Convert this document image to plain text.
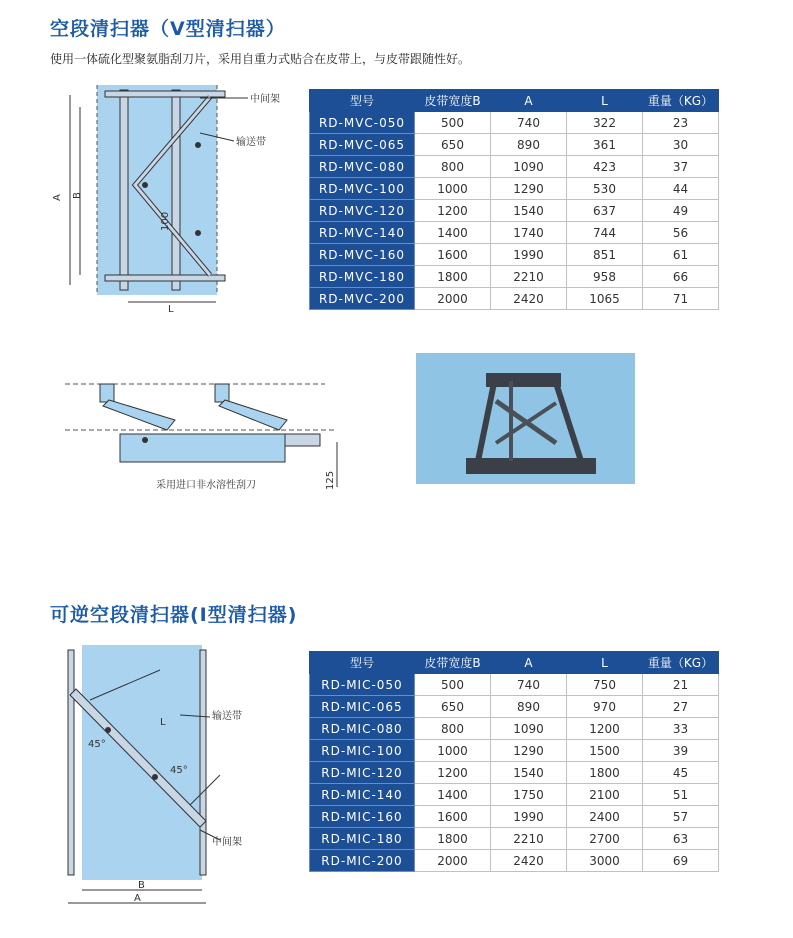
空段清扫器（V型清扫器）
使用一体硫化型聚氨脂刮刀片，采用自重力式贴合在皮带上，与皮带跟随性好。
A B
L
100
中间架
输送带
型号	皮带宽度B	A	L	重量（KG）
RD-MVC-050	500	740	322	23
RD-MVC-065	650	890	361	30
RD-MVC-080	800	1090	423	37
RD-MVC-100	1000	1290	530	44
RD-MVC-120	1200	1540	637	49
RD-MVC-140	1400	1740	744	56
RD-MVC-160	1600	1990	851	61
RD-MVC-180	1800	2210	958	66
RD-MVC-200	2000	2420	1065	71
125
采用进口非水溶性刮刀
可逆空段清扫器(I型清扫器)
45°
45°
L
输送带
中间架
B
A
型号	皮带宽度B	A	L	重量（KG）
RD-MIC-050	500	740	750	21
RD-MIC-065	650	890	970	27
RD-MIC-080	800	1090	1200	33
RD-MIC-100	1000	1290	1500	39
RD-MIC-120	1200	1540	1800	45
RD-MIC-140	1400	1750	2100	51
RD-MIC-160	1600	1990	2400	57
RD-MIC-180	1800	2210	2700	63
RD-MIC-200	2000	2420	3000	69
